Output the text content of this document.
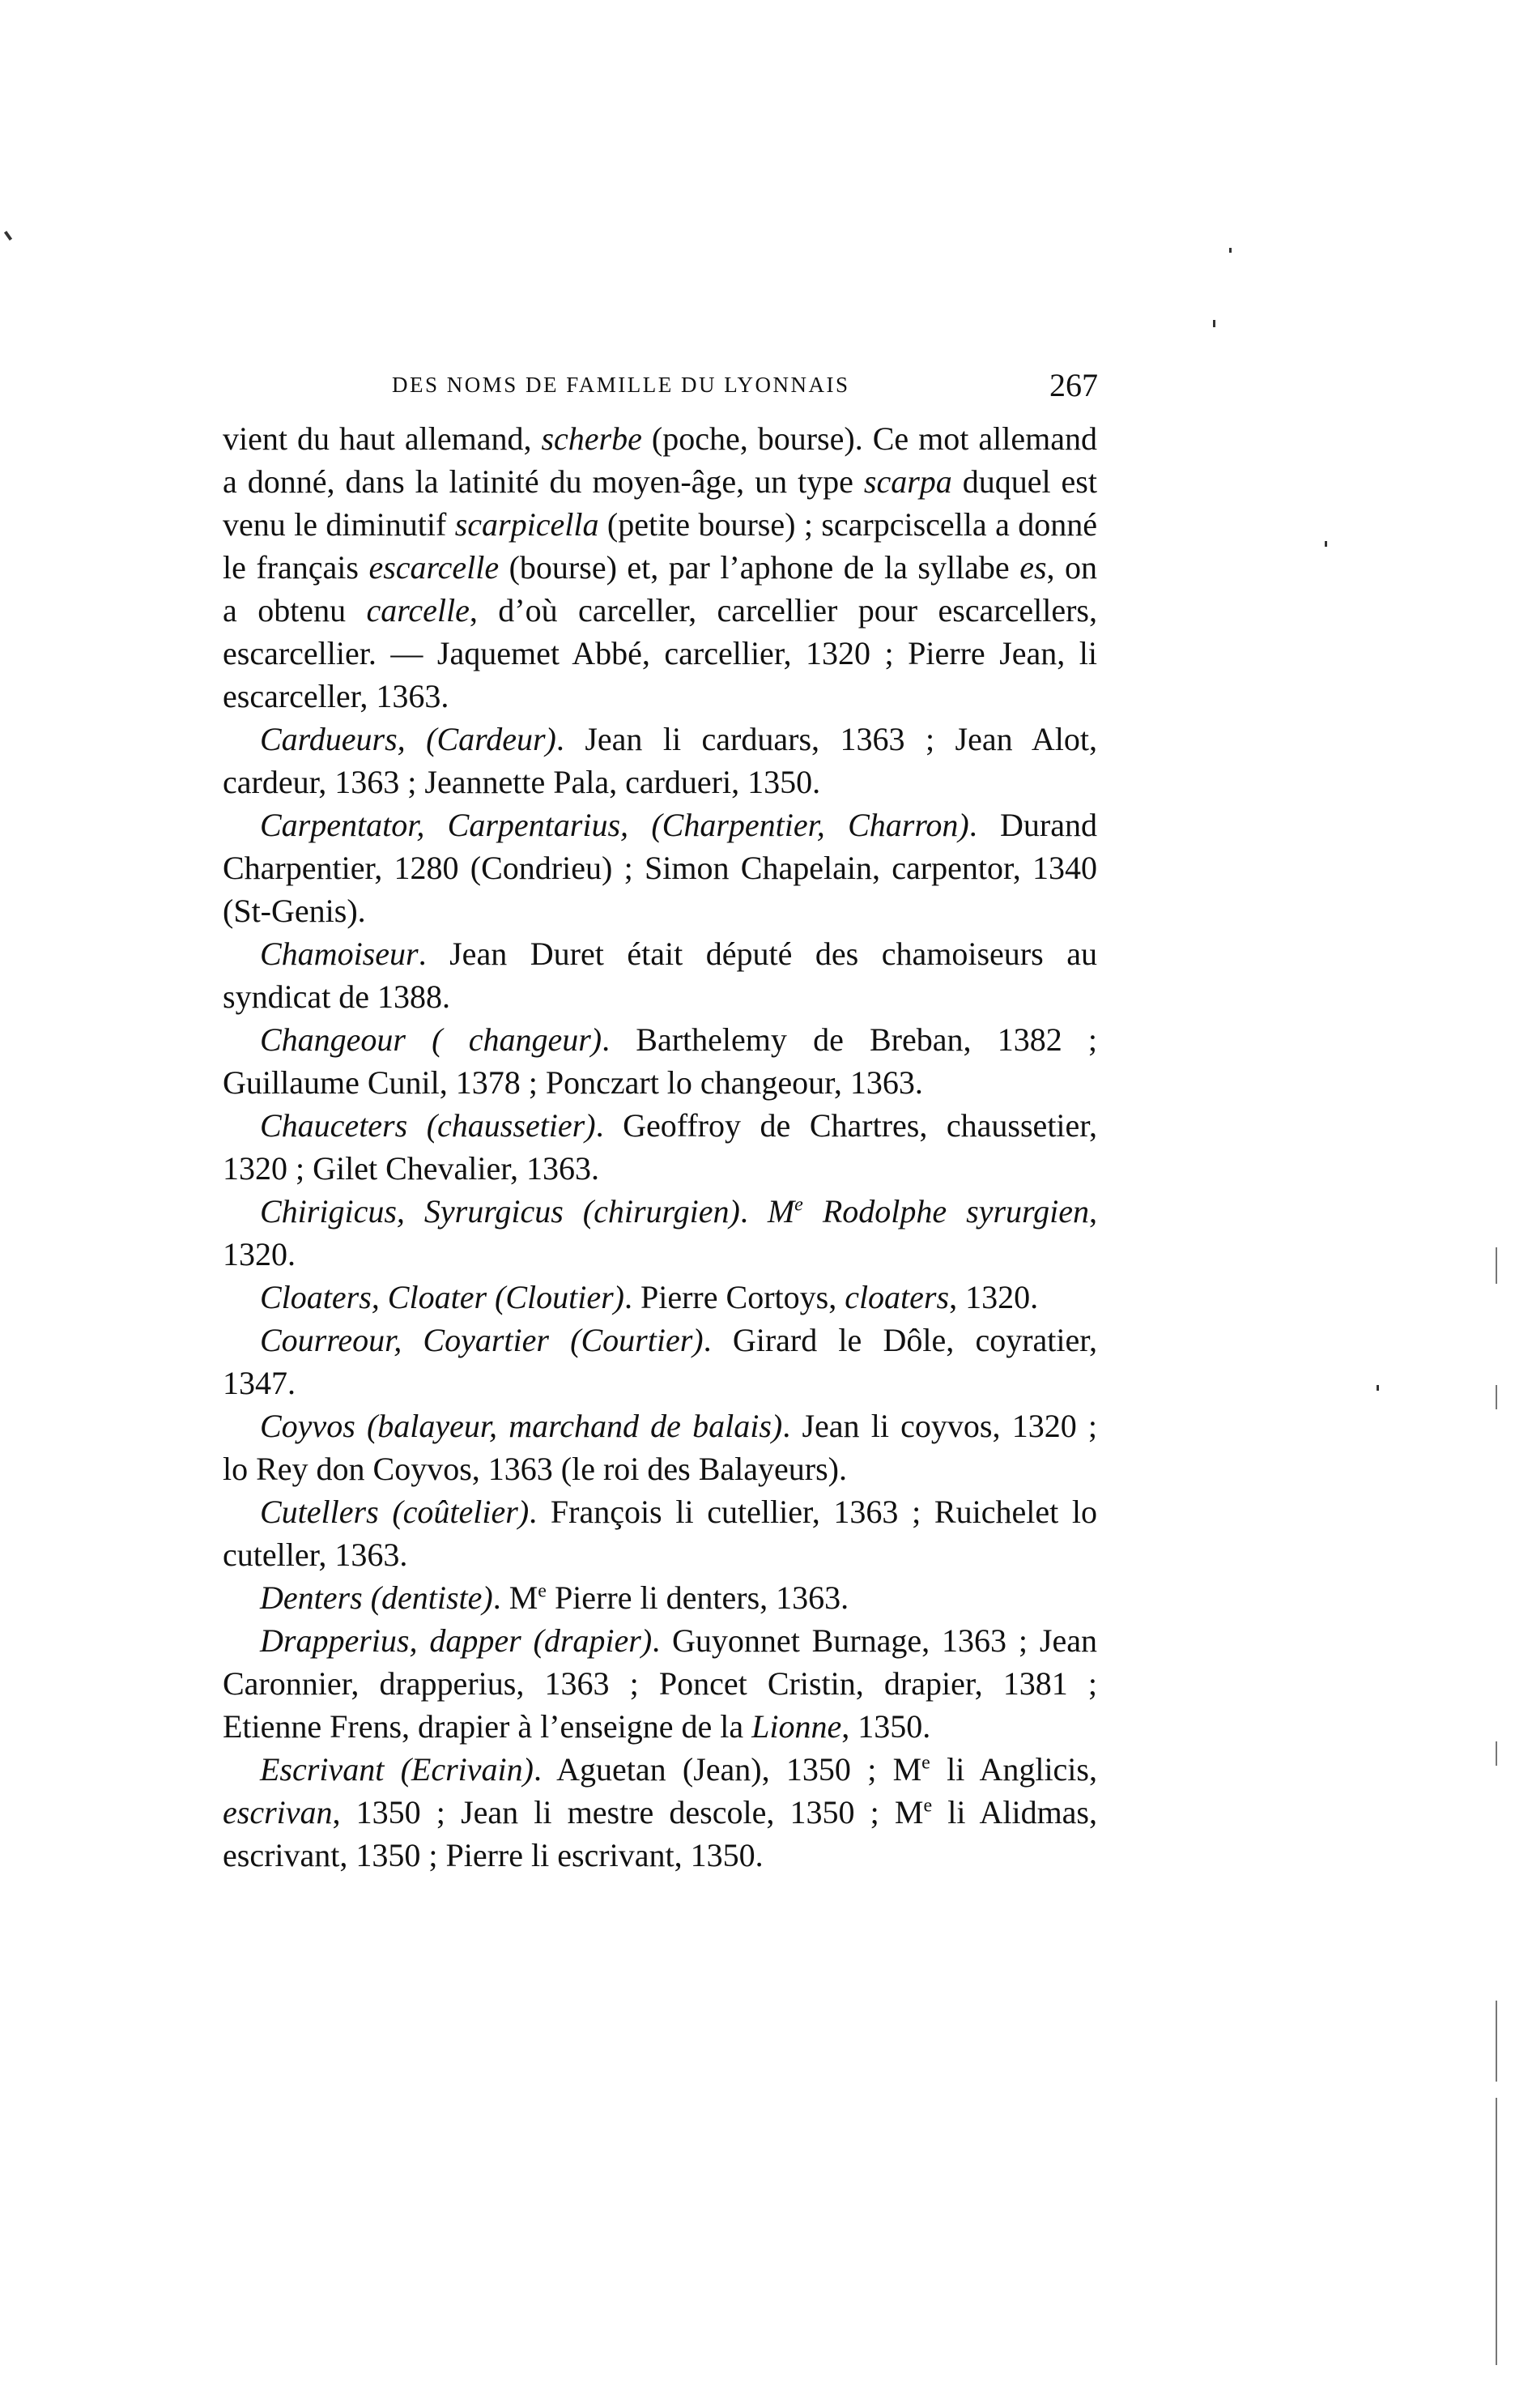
DES NOMS DE FAMILLE DU LYONNAIS	267

vient du haut allemand, scherbe (poche, bourse). Ce mot allemand a donné, dans la latinité du moyen-âge, un type scarpa duquel est venu le diminutif scarpicella (petite bourse) ; scarpciscella a donné le français escarcelle (bourse) et, par l’aphone de la syllabe es, on a obtenu carcelle, d’où carceller, carcellier pour escarcellers, escarcellier. — Jaquemet Abbé, carcellier, 1320 ; Pierre Jean, li escarceller, 1363.

Cardueurs, (Cardeur). Jean li carduars, 1363 ; Jean Alot, cardeur, 1363 ; Jeannette Pala, cardueri, 1350.

Carpentator, Carpentarius, (Charpentier, Charron). Durand Charpentier, 1280 (Condrieu) ; Simon Chapelain, carpentor, 1340 (St-Genis).

Chamoiseur. Jean Duret était député des chamoiseurs au syndicat de 1388.

Changeour ( changeur). Barthelemy de Breban, 1382 ; Guillaume Cunil, 1378 ; Ponczart lo changeour, 1363.

Chauceters (chaussetier). Geoffroy de Chartres, chaussetier, 1320 ; Gilet Chevalier, 1363.

Chirigicus, Syrurgicus (chirurgien). Me Rodolphe syrurgien, 1320.

Cloaters, Cloater (Cloutier). Pierre Cortoys, cloaters, 1320.

Courreour, Coyartier (Courtier). Girard le Dôle, coyratier, 1347.

Coyvos (balayeur, marchand de balais). Jean li coyvos, 1320 ; lo Rey don Coyvos, 1363 (le roi des Balayeurs).

Cutellers (coûtelier). François li cutellier, 1363 ; Ruichelet lo cuteller, 1363.

Denters (dentiste). Me Pierre li denters, 1363.

Drapperius, dapper (drapier). Guyonnet Burnage, 1363 ; Jean Caronnier, drapperius, 1363 ; Poncet Cristin, drapier, 1381 ; Etienne Frens, drapier à l’enseigne de la Lionne, 1350.

Escrivant (Ecrivain). Aguetan (Jean), 1350 ; Me li Anglicis, escrivan, 1350 ; Jean li mestre descole, 1350 ; Me li Alidmas, escrivant, 1350 ; Pierre li escrivant, 1350.
